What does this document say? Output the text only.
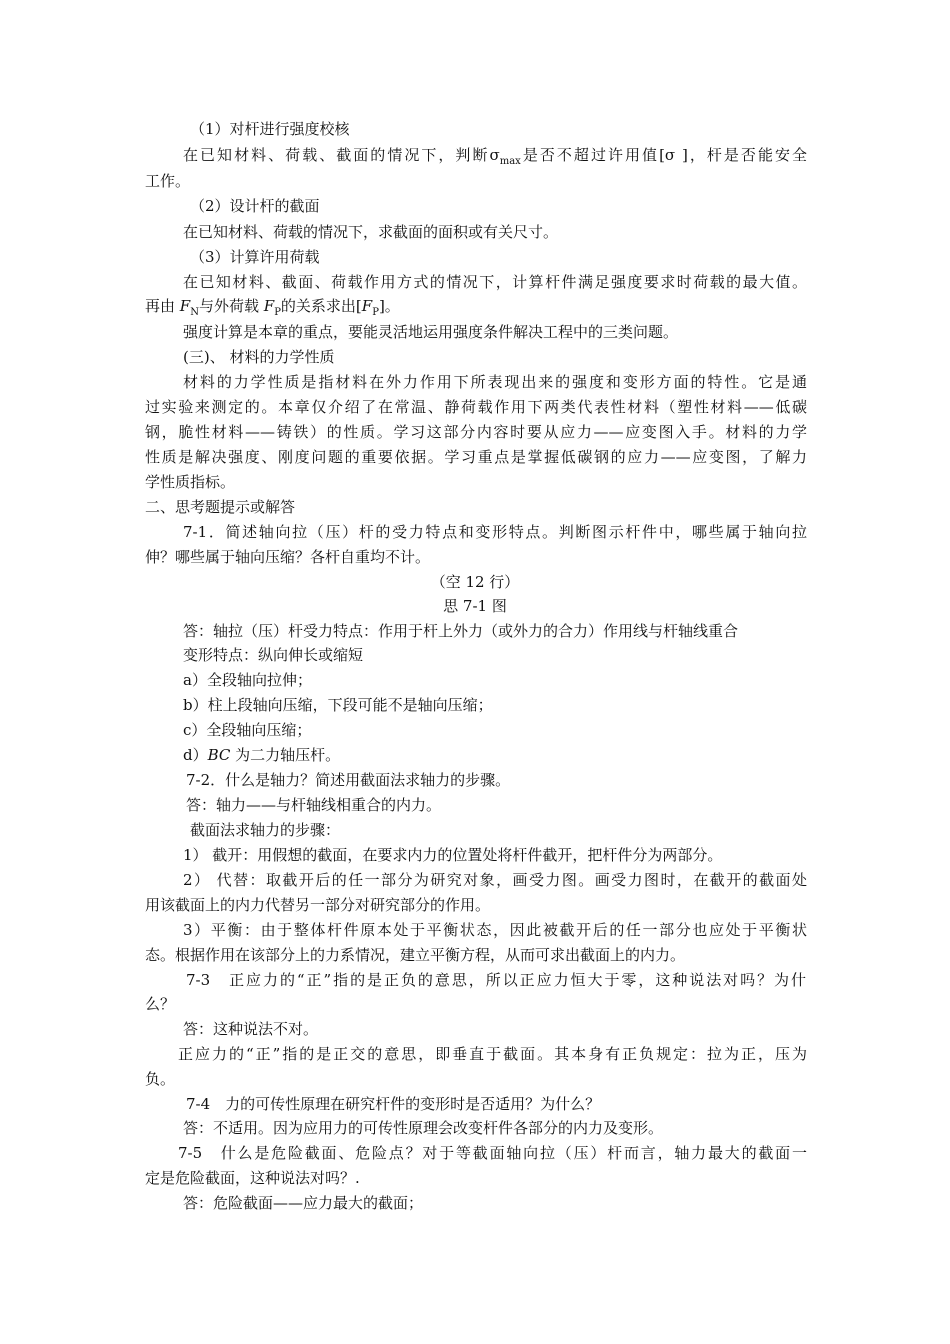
（1）对杆进行强度校核
在已知材料、荷载、截面的情况下，判断$\sigma_{max}$是否不超过许用值[σ ]，杆是否能安全
工作。
（2）设计杆的截面
在已知材料、荷载的情况下，求截面的面积或有关尺寸。
（3）计算许用荷载
在已知材料、截面、荷载作用方式的情况下，计算杆件满足强度要求时荷载的最大值。
再由 $F_N$与外荷载 $F_P$的关系求出$[F_P]$。
强度计算是本章的重点，要能灵活地运用强度条件解决工程中的三类问题。
(三)、 材料的力学性质
材料的力学性质是指材料在外力作用下所表现出来的强度和变形方面的特性。它是通
过实验来测定的。本章仅介绍了在常温、静荷载作用下两类代表性材料（塑性材料——低碳
钢，脆性材料——铸铁）的性质。学习这部分内容时要从应力——应变图入手。材料的力学
性质是解决强度、刚度问题的重要依据。学习重点是掌握低碳钢的应力——应变图，了解力
学性质指标。
二、思考题提示或解答
7-1．简述轴向拉（压）杆的受力特点和变形特点。判断图示杆件中，哪些属于轴向拉
伸？哪些属于轴向压缩？各杆自重均不计。
（空 12 行）
思 7-1 图
答：轴拉（压）杆受力特点：作用于杆上外力（或外力的合力）作用线与杆轴线重合
变形特点：纵向伸长或缩短
a）全段轴向拉伸；
b）柱上段轴向压缩，下段可能不是轴向压缩；
c）全段轴向压缩；
d）BC 为二力轴压杆。
7-2．什么是轴力？简述用截面法求轴力的步骤。
答：轴力——与杆轴线相重合的内力。
截面法求轴力的步骤：
1） 截开：用假想的截面，在要求内力的位置处将杆件截开，把杆件分为两部分。
2） 代替：取截开后的任一部分为研究对象，画受力图。画受力图时，在截开的截面处
用该截面上的内力代替另一部分对研究部分的作用。
3）平衡：由于整体杆件原本处于平衡状态，因此被截开后的任一部分也应处于平衡状
态。根据作用在该部分上的力系情况，建立平衡方程，从而可求出截面上的内力。
7-3　正应力的“正”指的是正负的意思，所以正应力恒大于零，这种说法对吗？为什
么？
答：这种说法不对。
正应力的“正”指的是正交的意思，即垂直于截面。其本身有正负规定：拉为正，压为
负。
7-4　力的可传性原理在研究杆件的变形时是否适用？为什么？
答：不适用。因为应用力的可传性原理会改变杆件各部分的内力及变形。
7-5　什么是危险截面、危险点？对于等截面轴向拉（压）杆而言，轴力最大的截面一
定是危险截面，这种说法对吗？.
答：危险截面——应力最大的截面；
